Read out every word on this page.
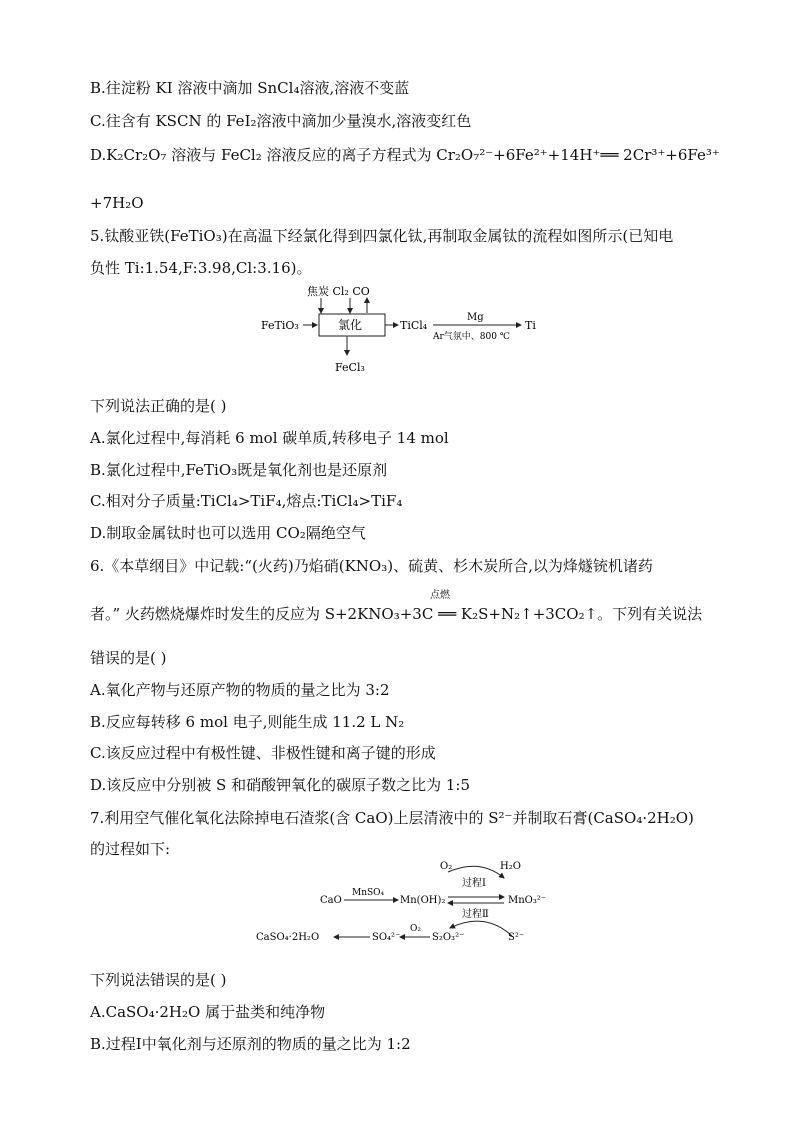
B.往淀粉 KI 溶液中滴加 SnCl₄溶液,溶液不变蓝
C.往含有 KSCN 的 FeI₂溶液中滴加少量溴水,溶液变红色
D.K₂Cr₂O₇ 溶液与 FeCl₂ 溶液反应的离子方程式为 Cr₂O₇²⁻+6Fe²⁺+14H⁺══ 2Cr³⁺+6Fe³⁺
+7H₂O
5.钛酸亚铁(FeTiO₃)在高温下经氯化得到四氯化钛,再制取金属钛的流程如图所示(已知电
负性 Ti:1.54,F:3.98,Cl:3.16)。
焦炭 Cl₂ CO
FeTiO₃	氯化	TiCl₄
Mg
Ar气氛中、800 ℃
Ti
FeCl₃
下列说法正确的是( )
A.氯化过程中,每消耗 6 mol 碳单质,转移电子 14 mol
B.氯化过程中,FeTiO₃既是氧化剂也是还原剂
C.相对分子质量:TiCl₄>TiF₄,熔点:TiCl₄>TiF₄
D.制取金属钛时也可以选用 CO₂隔绝空气
6.《本草纲目》中记载:“(火药)乃焰硝(KNO₃)、硫黄、杉木炭所合,以为烽燧铳机诸药
点燃
者。” 火药燃烧爆炸时发生的反应为 S+2KNO₃+3C ══ K₂S+N₂↑+3CO₂↑。下列有关说法
错误的是( )
A.氧化产物与还原产物的物质的量之比为 3:2
B.反应每转移 6 mol 电子,则能生成 11.2 L N₂
C.该反应过程中有极性键、非极性键和离子键的形成
D.该反应中分别被 S 和硝酸钾氧化的碳原子数之比为 1:5
7.利用空气催化氧化法除掉电石渣浆(含 CaO)上层清液中的 S²⁻并制取石膏(CaSO₄·2H₂O)
的过程如下:
O₂	H₂O
过程Ⅰ
CaO
MnSO₄
Mn(OH)₂	MnO₃²⁻
过程Ⅱ
CaSO₄·2H₂O	SO₄²⁻
O₂
S₂O₃²⁻	S²⁻
下列说法错误的是( )
A.CaSO₄·2H₂O 属于盐类和纯净物
B.过程Ⅰ中氧化剂与还原剂的物质的量之比为 1:2
